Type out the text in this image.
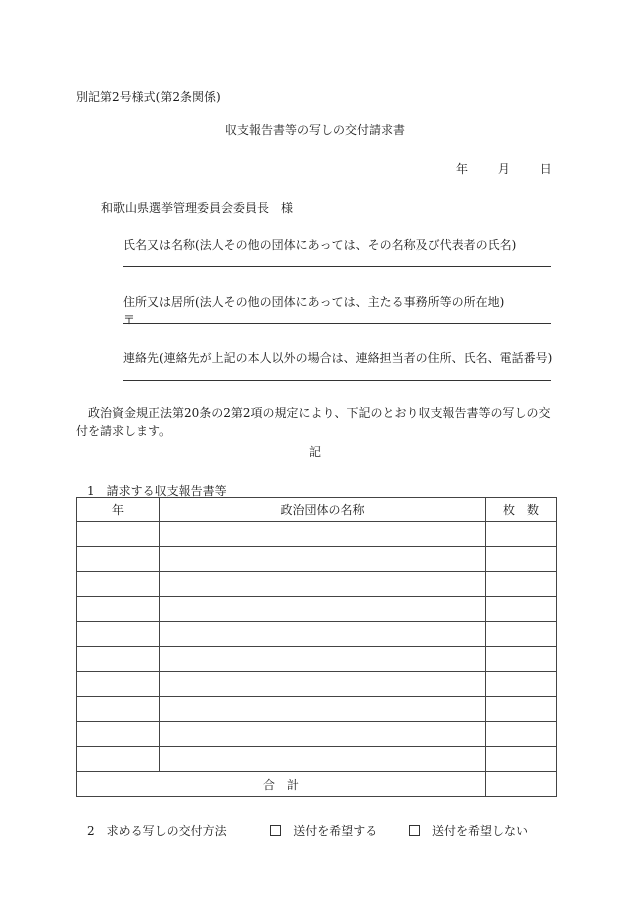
別記第2号様式(第2条関係)
収支報告書等の写しの交付請求書
年 月 日
和歌山県選挙管理委員会委員長　様
氏名又は名称(法人その他の団体にあっては、その名称及び代表者の氏名)
住所又は居所(法人その他の団体にあっては、主たる事務所等の所在地)
〒
連絡先(連絡先が上記の本人以外の場合は、連絡担当者の住所、氏名、電話番号)
政治資金規正法第20条の2第2項の規定により、下記のとおり収支報告書等の写しの交付を請求します。
記
1　請求する収支報告書等
年	政治団体の名称	枚　数

合　計		
2　求める写しの交付方法	送付を希望する	送付を希望しない
